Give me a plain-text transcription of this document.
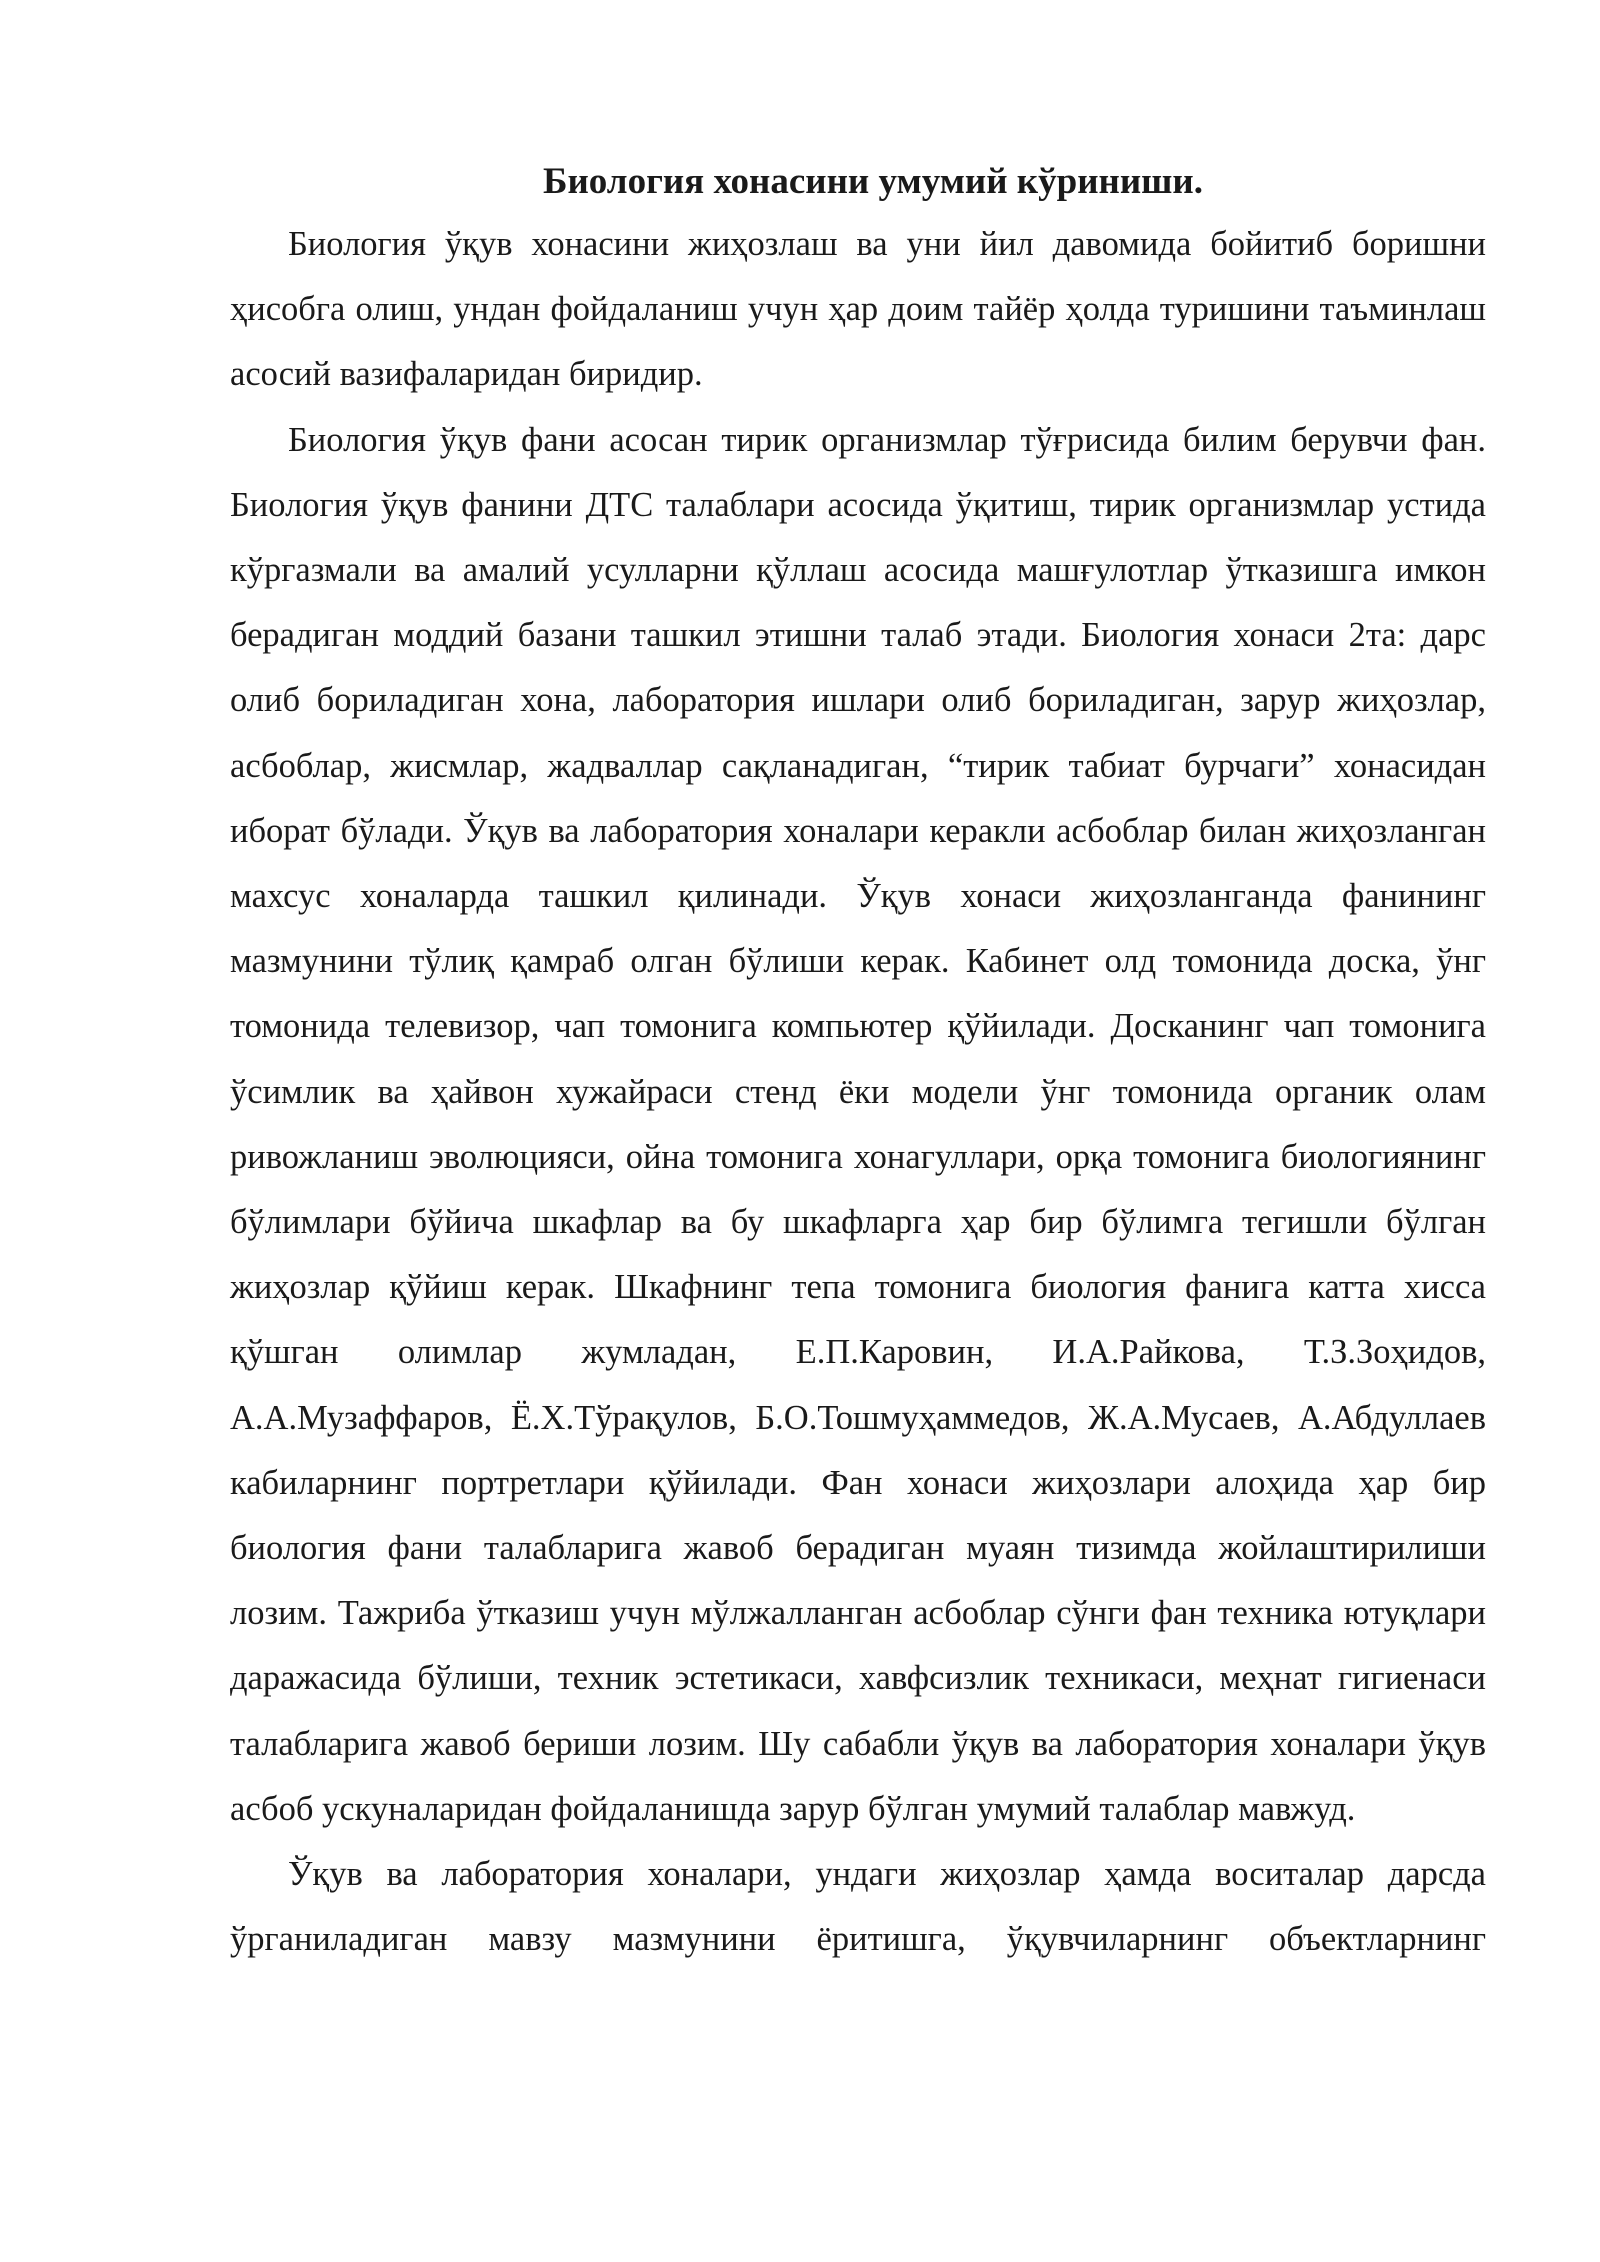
Биология хонасини умумий кўриниши.

Биология ўқув хонасини жиҳозлаш ва уни йил давомида бойитиб боришни ҳисобга олиш, ундан фойдаланиш учун ҳар доим тайёр ҳолда туришини таъминлаш асосий вазифаларидан биридир.

Биология ўқув фани асосан тирик организмлар тўғрисида билим берувчи фан. Биология ўқув фанини ДТС талаблари асосида ўқитиш, тирик организмлар устида кўргазмали ва амалий усулларни қўллаш асосида машғулотлар ўтказишга имкон берадиган моддий базани ташкил этишни талаб этади. Биология хонаси 2та: дарс олиб бориладиган хона, лаборатория ишлари олиб бориладиган, зарур жиҳозлар, асбоблар, жисмлар, жадваллар сақланадиган, “тирик табиат бурчаги” хонасидан иборат бўлади. Ўқув ва лаборатория хоналари керакли асбоблар билан жиҳозланган махсус хоналарда ташкил қилинади. Ўқув хонаси жиҳозланганда фанининг мазмунини тўлиқ қамраб олган бўлиши керак. Кабинет олд томонида доска, ўнг томонида телевизор, чап томонига компьютер қўйилади. Досканинг чап томонига ўсимлик ва ҳайвон хужайраси стенд ёки модели ўнг томонида органик олам ривожланиш эволюцияси, ойна томонига хонагуллари, орқа томонига биологиянинг бўлимлари бўйича шкафлар ва бу шкафларга ҳар бир бўлимга тегишли бўлган жиҳозлар қўйиш керак. Шкафнинг тепа томонига биология фанига катта хисса қўшган олимлар жумладан, Е.П.Каровин, И.А.Райкова, Т.З.Зоҳидов, А.А.Музаффаров, Ё.Х.Тўрақулов, Б.О.Тошмуҳаммедов, Ж.А.Мусаев, А.Абдуллаев кабиларнинг портретлари қўйилади. Фан хонаси жиҳозлари алоҳида ҳар бир биология фани талабларига жавоб берадиган муаян тизимда жойлаштирилиши лозим. Тажриба ўтказиш учун мўлжалланган асбоблар сўнги фан техника ютуқлари даражасида бўлиши, техник эстетикаси, хавфсизлик техникаси, меҳнат гигиенаси талабларига жавоб бериши лозим. Шу сабабли ўқув ва лаборатория хоналари ўқув асбоб ускуналаридан фойдаланишда зарур бўлган умумий талаблар мавжуд.

Ўқув ва лаборатория хоналари, ундаги жиҳозлар ҳамда воситалар дарсда ўрганиладиган мавзу мазмунини ёритишга, ўқувчиларнинг объектларнинг
